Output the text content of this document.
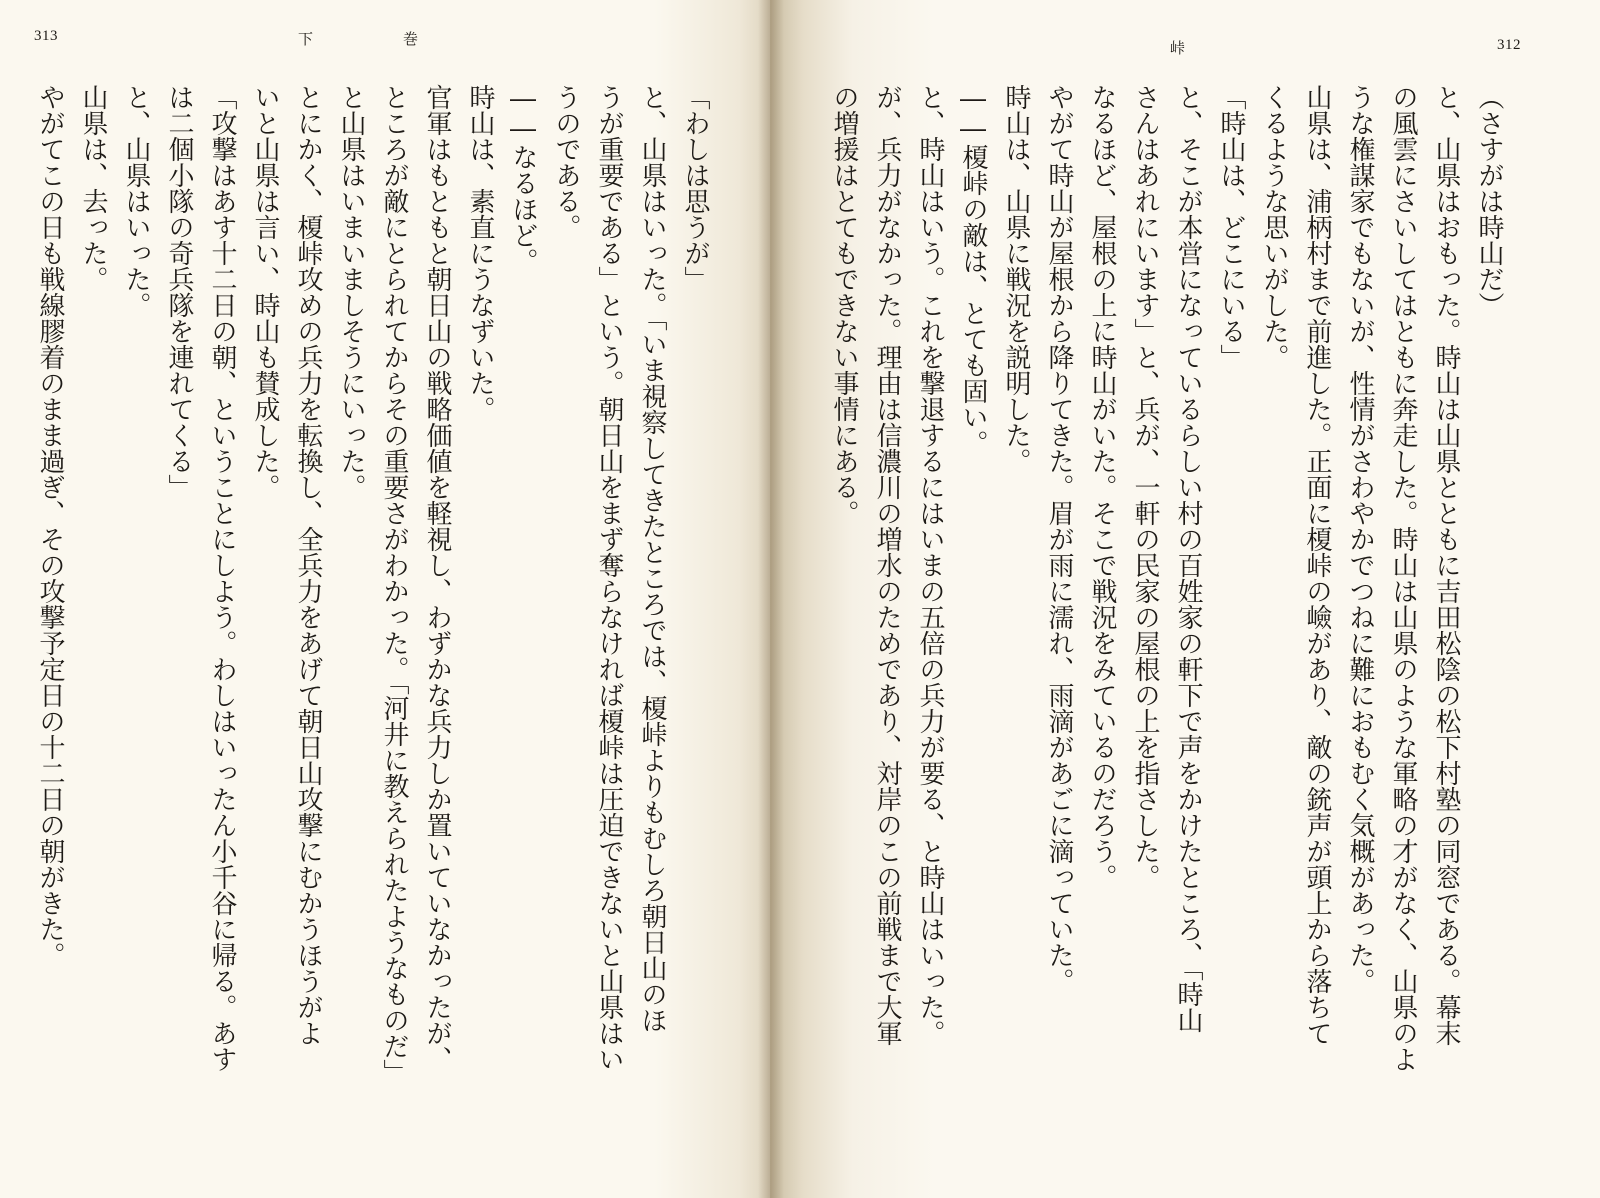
313	下　　　　　　巻
「わしは思うが」
と、山県はいった。「いま視察してきたところでは、榎峠よりもむしろ朝日山のほ
うが重要である」という。朝日山をまず奪らなければ榎峠は圧迫できないと山県はい
うのである。
――なるほど。
時山は、素直にうなずいた。
官軍はもともと朝日山の戦略価値を軽視し、わずかな兵力しか置いていなかったが、
ところが敵にとられてからその重要さがわかった。「河井に教えられたようなものだ」
と山県はいまいましそうにいった。
とにかく、榎峠攻めの兵力を転換し、全兵力をあげて朝日山攻撃にむかうほうがよ
いと山県は言い、時山も賛成した。
「攻撃はあす十二日の朝、ということにしよう。わしはいったん小千谷に帰る。あす
は二個小隊の奇兵隊を連れてくる」
と、山県はいった。
山県は、去った。
やがてこの日も戦線膠着のまま過ぎ、その攻撃予定日の十二日の朝がきた。
峠	312
（さすがは時山だ）
と、山県はおもった。時山は山県とともに吉田松陰の松下村塾の同窓である。幕末
の風雲にさいしてはともに奔走した。時山は山県のような軍略の才がなく、山県のよ
うな権謀家でもないが、性情がさわやかでつねに難におもむく気概があった。
山県は、浦柄村まで前進した。正面に榎峠の嶮があり、敵の銃声が頭上から落ちて
くるような思いがした。
「時山は、どこにいる」
と、そこが本営になっているらしい村の百姓家の軒下で声をかけたところ、「時山
さんはあれにいます」と、兵が、一軒の民家の屋根の上を指さした。
なるほど、屋根の上に時山がいた。そこで戦況をみているのだろう。
やがて時山が屋根から降りてきた。眉が雨に濡れ、雨滴があごに滴っていた。
時山は、山県に戦況を説明した。
――榎峠の敵は、とても固い。
と、時山はいう。これを撃退するにはいまの五倍の兵力が要る、と時山はいった。
が、兵力がなかった。理由は信濃川の増水のためであり、対岸のこの前戦まで大軍
の増援はとてもできない事情にある。
